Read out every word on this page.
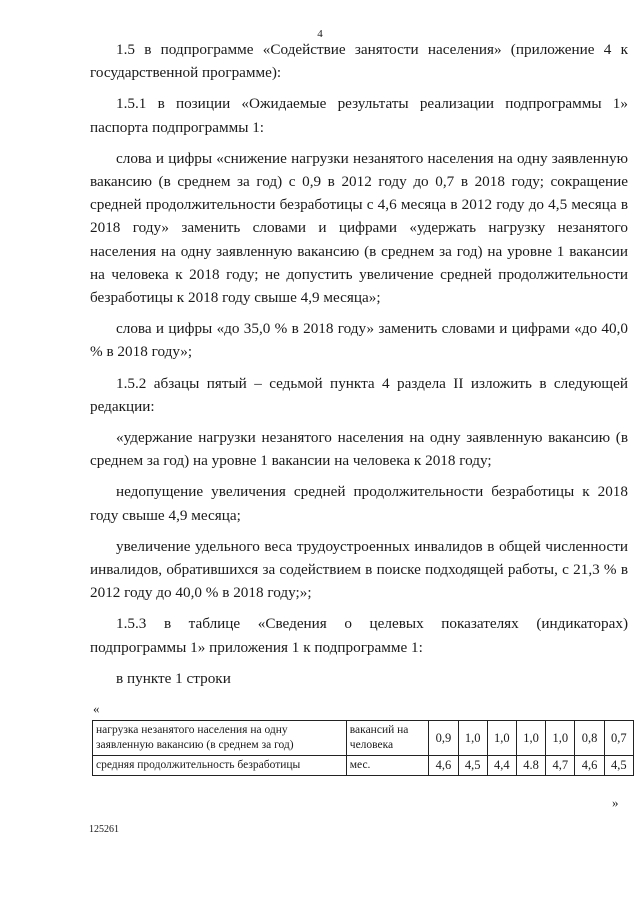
4

1.5 в подпрограмме «Содействие занятости населения» (приложение 4 к государственной программе):

1.5.1 в позиции «Ожидаемые результаты реализации подпрограммы 1» паспорта подпрограммы 1:

слова и цифры «снижение нагрузки незанятого населения на одну заявленную вакансию (в среднем за год) с 0,9 в 2012 году до 0,7 в 2018 году; сокращение средней продолжительности безработицы с 4,6 месяца в 2012 году до 4,5 месяца в 2018 году» заменить словами и цифрами «удержать нагрузку незанятого населения на одну заявленную вакансию (в среднем за год) на уровне 1 вакансии на человека к 2018 году; не допустить увеличение средней продолжительности безработицы к 2018 году свыше 4,9 месяца»;

слова и цифры «до 35,0 % в 2018 году» заменить словами и цифрами «до 40,0 % в 2018 году»;

1.5.2 абзацы пятый – седьмой пункта 4 раздела II изложить в следующей редакции:

«удержание нагрузки незанятого населения на одну заявленную вакансию (в среднем за год) на уровне 1 вакансии на человека к 2018 году;

недопущение увеличения средней продолжительности безработицы к 2018 году свыше 4,9 месяца;

увеличение удельного веса трудоустроенных инвалидов в общей численности инвалидов, обратившихся за содействием в поиске подходящей работы, с 21,3 % в 2012 году до 40,0 % в 2018 году;»;

1.5.3 в таблице «Сведения о целевых показателях (индикаторах) подпрограммы 1» приложения 1 к подпрограмме 1:

в пункте 1 строки

«
нагрузка незанятого населения на одну заявленную вакансию (в среднем за год)	вакансий на человека	0,9	1,0	1,0	1,0	1,0	0,8	0,7
средняя продолжительность безработицы	мес.	4,6	4,5	4,4	4.8	4,7	4,6	4,5
»
125261
